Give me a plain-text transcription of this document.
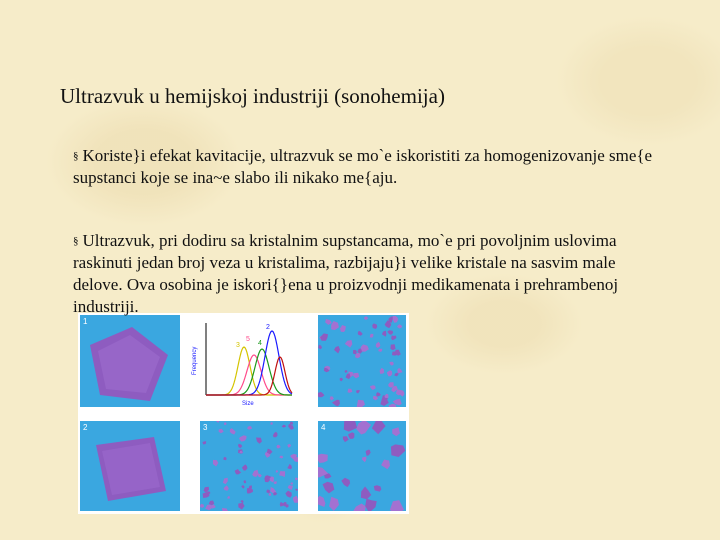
Ultrazvuk u hemijskoj industriji (sonohemija)

§ Koriste}i efekat kavitacije, ultrazvuk se mo`e iskoristiti za homogenizovanje sme{e supstanci koje se ina~e slabo ili nikako me{aju.

1
Frequency
Size
3
5
4
2
2	3	4

§ Ultrazvuk, pri dodiru sa kristalnim supstancama, mo`e pri povoljnim uslovima raskinuti jedan broj veza u kristalima, razbijaju}i velike kristale na sasvim male delove. Ova osobina je iskori{}ena u proizvodnji medikamenata i prehrambenoj industriji.
